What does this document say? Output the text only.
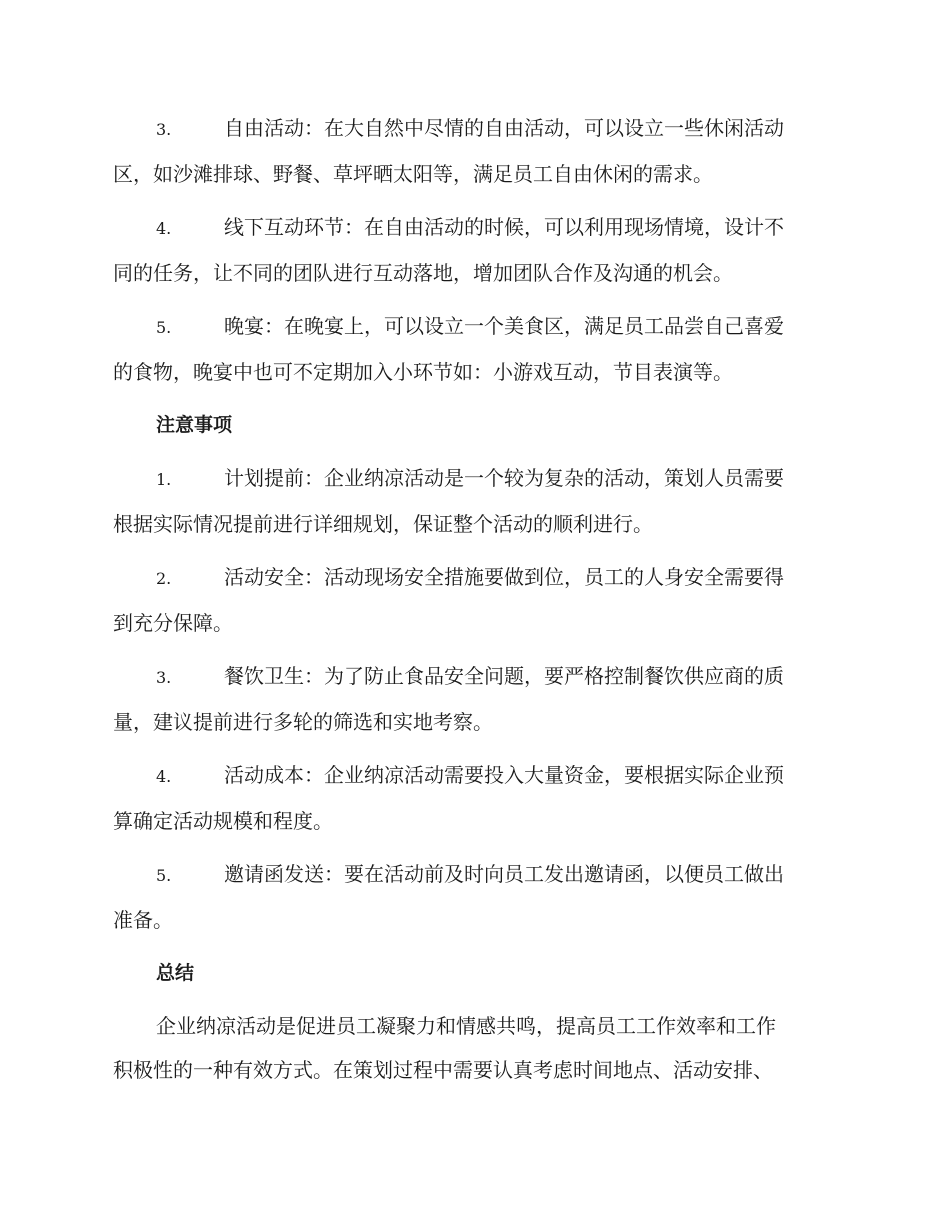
3.	自由活动：在大自然中尽情的自由活动，可以设立一些休闲活动
区，如沙滩排球、野餐、草坪晒太阳等，满足员工自由休闲的需求。
4.	线下互动环节：在自由活动的时候，可以利用现场情境，设计不
同的任务，让不同的团队进行互动落地，增加团队合作及沟通的机会。
5.	晚宴：在晚宴上，可以设立一个美食区，满足员工品尝自己喜爱
的食物，晚宴中也可不定期加入小环节如：小游戏互动，节目表演等。
注意事项
1.	计划提前：企业纳凉活动是一个较为复杂的活动，策划人员需要
根据实际情况提前进行详细规划，保证整个活动的顺利进行。
2.	活动安全：活动现场安全措施要做到位，员工的人身安全需要得
到充分保障。
3.	餐饮卫生：为了防止食品安全问题，要严格控制餐饮供应商的质
量，建议提前进行多轮的筛选和实地考察。
4.	活动成本：企业纳凉活动需要投入大量资金，要根据实际企业预
算确定活动规模和程度。
5.	邀请函发送：要在活动前及时向员工发出邀请函，以便员工做出
准备。
总结
企业纳凉活动是促进员工凝聚力和情感共鸣，提高员工工作效率和工作
积极性的一种有效方式。在策划过程中需要认真考虑时间地点、活动安排、
